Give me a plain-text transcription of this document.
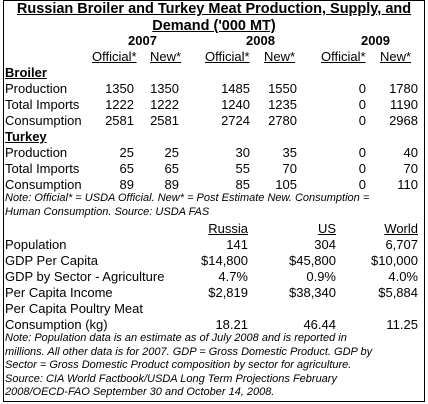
Russian Broiler and Turkey Meat Production, Supply, and
Demand ('000 MT)
2007	2008	2009
Official* New* Official* New* Official* New*
Broiler
Production	1350	1350	1485	1550	0	1780
Total Imports	1222	1222	1240	1235	0	1190
Consumption	2581	2581	2724	2780	0	2968
Turkey
Production	25	25	30	35	0	40
Total Imports	65	65	55	70	0	70
Consumption	89	89	85	105	0	110
Note: Official* = USDA Official. New* = Post Estimate New. Consumption =
Human Consumption. Source: USDA FAS
Russia	US	World
Population	141	304	6,707
GDP Per Capita	$14,800	$45,800	$10,000
GDP by Sector - Agriculture	4.7%	0.9%	4.0%
Per Capita Income	$2,819	$38,340	$5,884
Per Capita Poultry Meat
Consumption (kg)	18.21	46.44	11.25
Note: Population data is an estimate as of July 2008 and is reported in
millions. All other data is for 2007. GDP = Gross Domestic Product. GDP by
Sector = Gross Domestic Product composition by sector for agriculture.
Source: CIA World Factbook/USDA Long Term Projections February
2008/OECD-FAO September 30 and October 14, 2008.
